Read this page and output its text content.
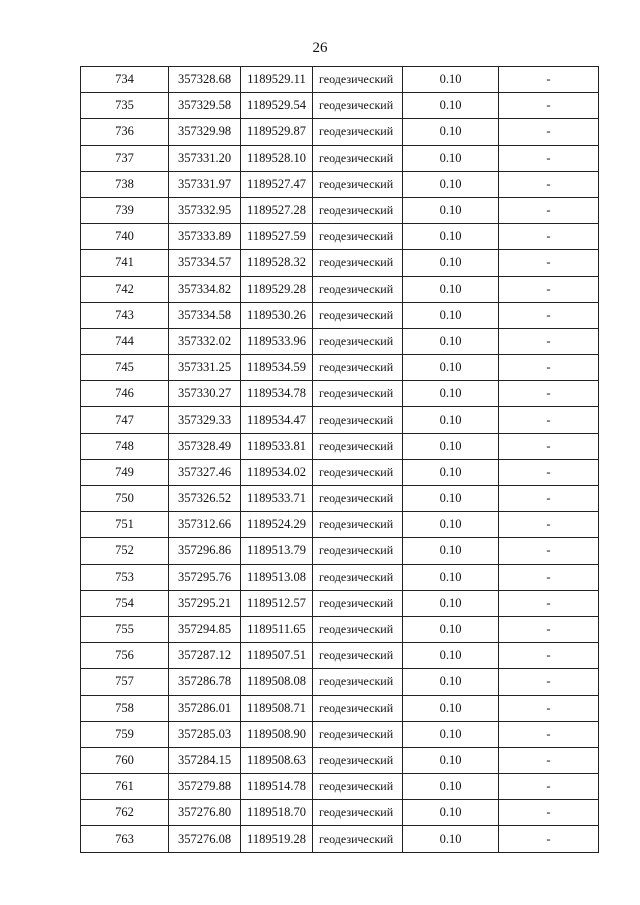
26
734	357328.68	1189529.11	геодезический	0.10	-
735	357329.58	1189529.54	геодезический	0.10	-
736	357329.98	1189529.87	геодезический	0.10	-
737	357331.20	1189528.10	геодезический	0.10	-
738	357331.97	1189527.47	геодезический	0.10	-
739	357332.95	1189527.28	геодезический	0.10	-
740	357333.89	1189527.59	геодезический	0.10	-
741	357334.57	1189528.32	геодезический	0.10	-
742	357334.82	1189529.28	геодезический	0.10	-
743	357334.58	1189530.26	геодезический	0.10	-
744	357332.02	1189533.96	геодезический	0.10	-
745	357331.25	1189534.59	геодезический	0.10	-
746	357330.27	1189534.78	геодезический	0.10	-
747	357329.33	1189534.47	геодезический	0.10	-
748	357328.49	1189533.81	геодезический	0.10	-
749	357327.46	1189534.02	геодезический	0.10	-
750	357326.52	1189533.71	геодезический	0.10	-
751	357312.66	1189524.29	геодезический	0.10	-
752	357296.86	1189513.79	геодезический	0.10	-
753	357295.76	1189513.08	геодезический	0.10	-
754	357295.21	1189512.57	геодезический	0.10	-
755	357294.85	1189511.65	геодезический	0.10	-
756	357287.12	1189507.51	геодезический	0.10	-
757	357286.78	1189508.08	геодезический	0.10	-
758	357286.01	1189508.71	геодезический	0.10	-
759	357285.03	1189508.90	геодезический	0.10	-
760	357284.15	1189508.63	геодезический	0.10	-
761	357279.88	1189514.78	геодезический	0.10	-
762	357276.80	1189518.70	геодезический	0.10	-
763	357276.08	1189519.28	геодезический	0.10	-
